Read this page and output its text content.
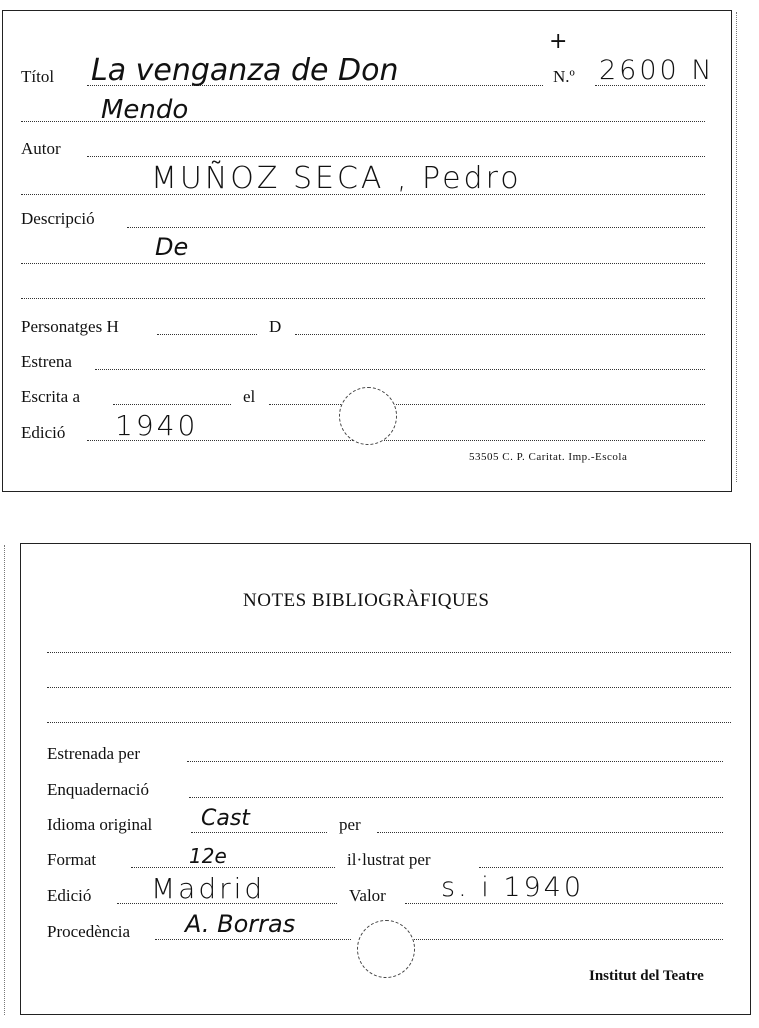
Títol La venganza de Don
+
N.º 2600 N
Mendo
Autor
MUÑOZ SECA , Pedro
Descripció
De
Personatges H	D
Estrena
Escrita a	el
Edició 1940
53505 C. P. Caritat. Imp.-Escola
NOTES BIBLIOGRÀFIQUES
Estrenada per
Enquadernació
Idioma original Cast	per
Format	12e	il·lustrat per
Edició Madrid	Valor s. i 1940
Procedència A. Borras
Institut del Teatre
